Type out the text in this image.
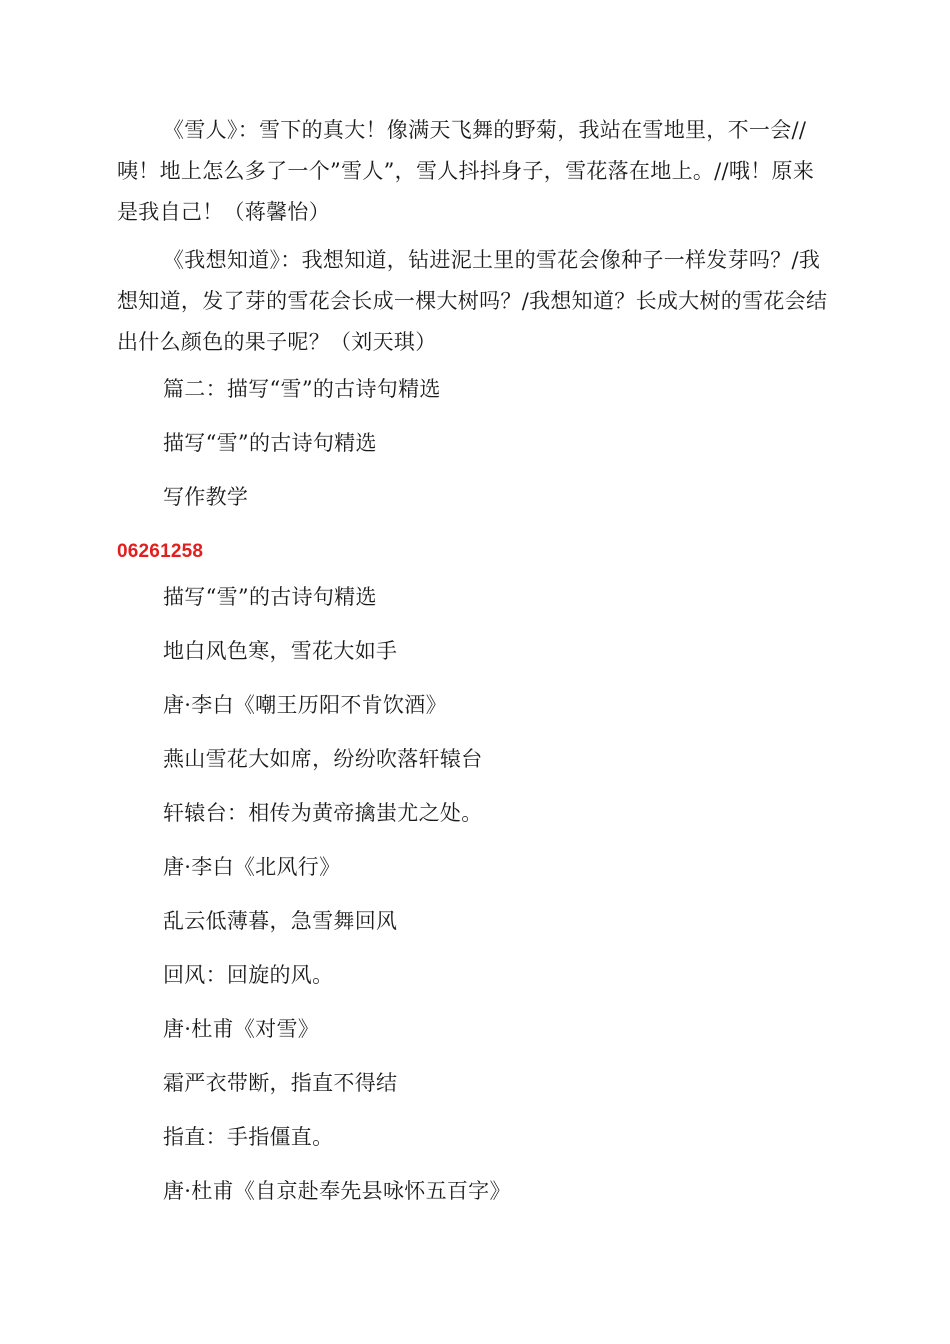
《雪人》：雪下的真大！像满天飞舞的野菊，我站在雪地里，不一会//咦！地上怎么多了一个”雪人”，雪人抖抖身子，雪花落在地上。//哦！原来是我自己！（蒋馨怡）

《我想知道》：我想知道，钻进泥土里的雪花会像种子一样发芽吗？/我想知道，发了芽的雪花会长成一棵大树吗？/我想知道？长成大树的雪花会结出什么颜色的果子呢？（刘天琪）

篇二：描写“雪”的古诗句精选

描写“雪”的古诗句精选

写作教学

06261258

描写“雪”的古诗句精选

地白风色寒，雪花大如手

唐·李白《嘲王历阳不肯饮酒》

燕山雪花大如席，纷纷吹落轩辕台

轩辕台：相传为黄帝擒蚩尤之处。

唐·李白《北风行》

乱云低薄暮，急雪舞回风

回风：回旋的风。

唐·杜甫《对雪》

霜严衣带断，指直不得结

指直：手指僵直。

唐·杜甫《自京赴奉先县咏怀五百字》
